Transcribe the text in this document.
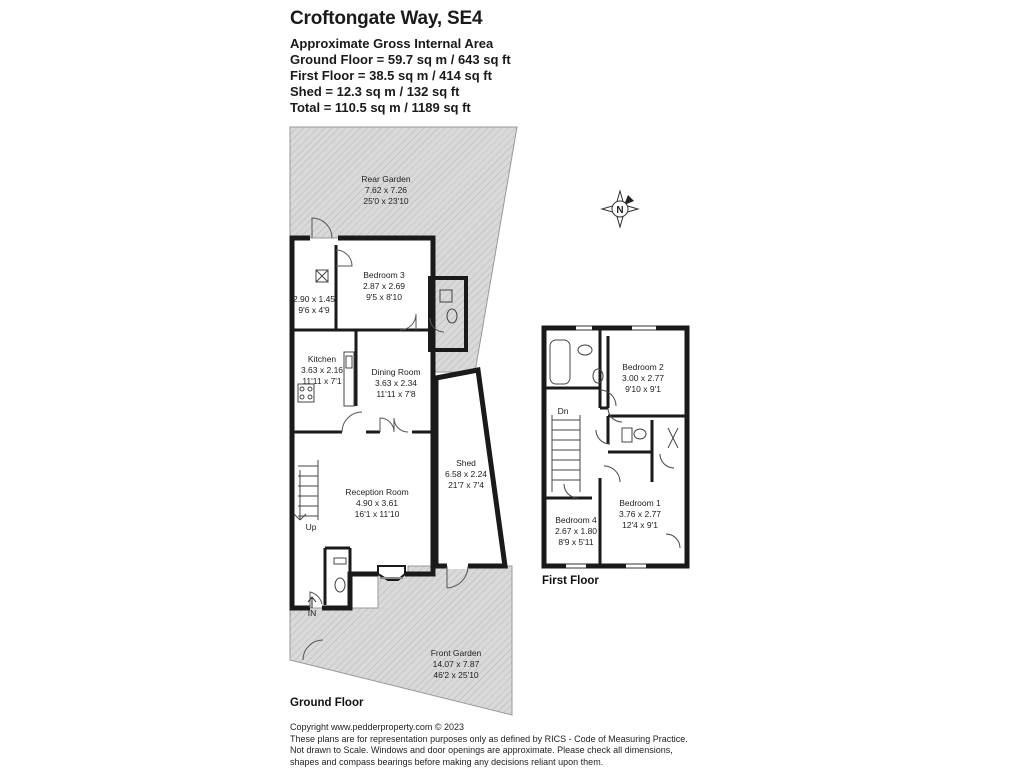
Croftongate Way, SE4
Approximate Gross Internal Area
Ground Floor = 59.7 sq m / 643 sq ft
First Floor = 38.5 sq m / 414 sq ft
Shed = 12.3 sq m / 132 sq ft
Total = 110.5 sq m / 1189 sq ft
N
Rear Garden
7.62 x 7.26
25'0 x 23'10
Bedroom 3
2.87 x 2.69
9'5 x 8'10
2.90 x 1.45
9'6 x 4'9
Kitchen
3.63 x 2.16
11'11 x 7'1
Dining Room
3.63 x 2.34
11'11 x 7'8
Reception Room
4.90 x 3.61
16'1 x 11'10
Shed
6.58 x 2.24
21'7 x 7'4
Front Garden
14.07 x 7.87
46'2 x 25'10
Up
IN
Bedroom 2
3.00 x 2.77
9'10 x 9'1
Bedroom 1
3.76 x 2.77
12'4 x 9'1
Bedroom 4
2.67 x 1.80
8'9 x 5'11
Dn
Ground Floor
First Floor
Copyright www.pedderproperty.com © 2023
These plans are for representation purposes only as defined by RICS - Code of Measuring Practice.
Not drawn to Scale. Windows and door openings are approximate. Please check all dimensions,
shapes and compass bearings before making any decisions reliant upon them.
